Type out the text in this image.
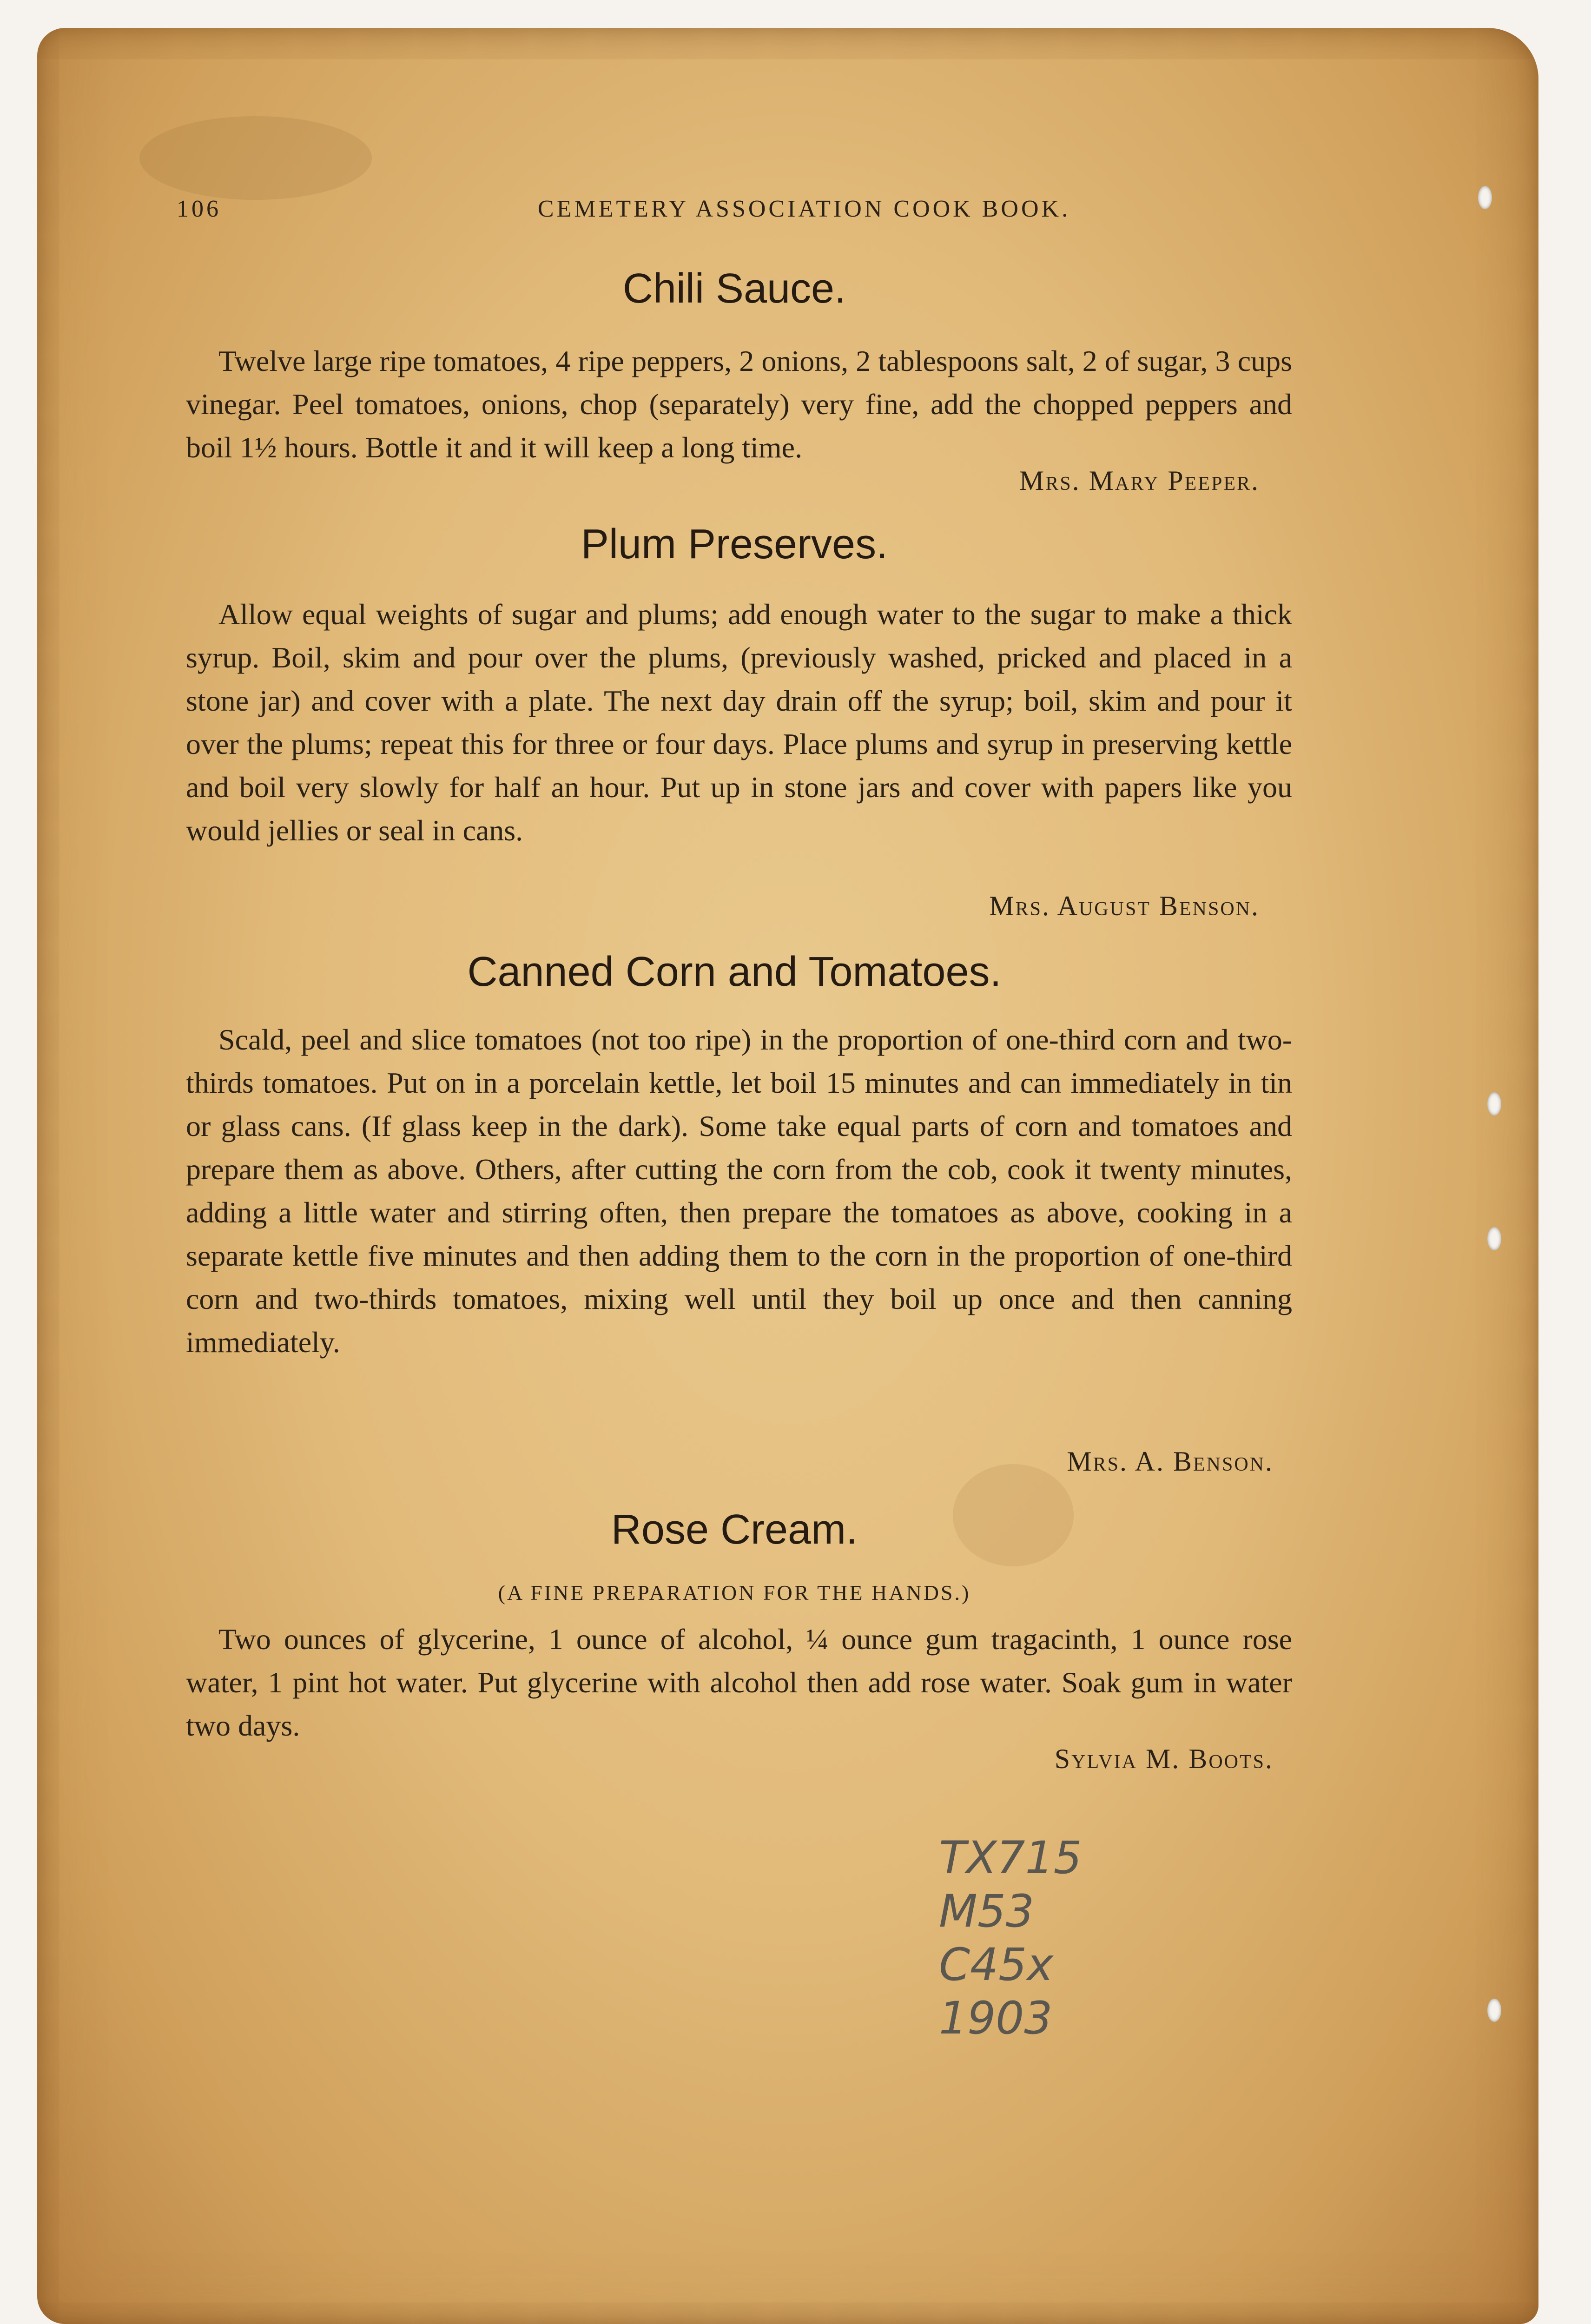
106	CEMETERY ASSOCIATION COOK BOOK.
Chili Sauce.
Twelve large ripe tomatoes, 4 ripe peppers, 2 onions, 2 tablespoons salt, 2 of sugar, 3 cups vinegar. Peel tomatoes, onions, chop (separately) very fine, add the chopped peppers and boil 1½ hours. Bottle it and it will keep a long time.
Mrs. Mary Peeper.
Plum Preserves.
Allow equal weights of sugar and plums; add enough water to the sugar to make a thick syrup. Boil, skim and pour over the plums, (previously washed, pricked and placed in a stone jar) and cover with a plate. The next day drain off the syrup; boil, skim and pour it over the plums; repeat this for three or four days. Place plums and syrup in preserving kettle and boil very slowly for half an hour. Put up in stone jars and cover with papers like you would jellies or seal in cans.
Mrs. August Benson.
Canned Corn and Tomatoes.
Scald, peel and slice tomatoes (not too ripe) in the proportion of one-third corn and two-thirds tomatoes. Put on in a porcelain kettle, let boil 15 minutes and can immediately in tin or glass cans. (If glass keep in the dark). Some take equal parts of corn and tomatoes and prepare them as above. Others, after cutting the corn from the cob, cook it twenty minutes, adding a little water and stirring often, then prepare the tomatoes as above, cooking in a separate kettle five minutes and then adding them to the corn in the proportion of one-third corn and two-thirds tomatoes, mixing well until they boil up once and then canning immediately.
Mrs. A. Benson.
Rose Cream.
(A FINE PREPARATION FOR THE HANDS.)
Two ounces of glycerine, 1 ounce of alcohol, ¼ ounce gum tragacinth, 1 ounce rose water, 1 pint hot water. Put glycerine with alcohol then add rose water. Soak gum in water two days.
Sylvia M. Boots.
TX715
M53
C45x
1903
